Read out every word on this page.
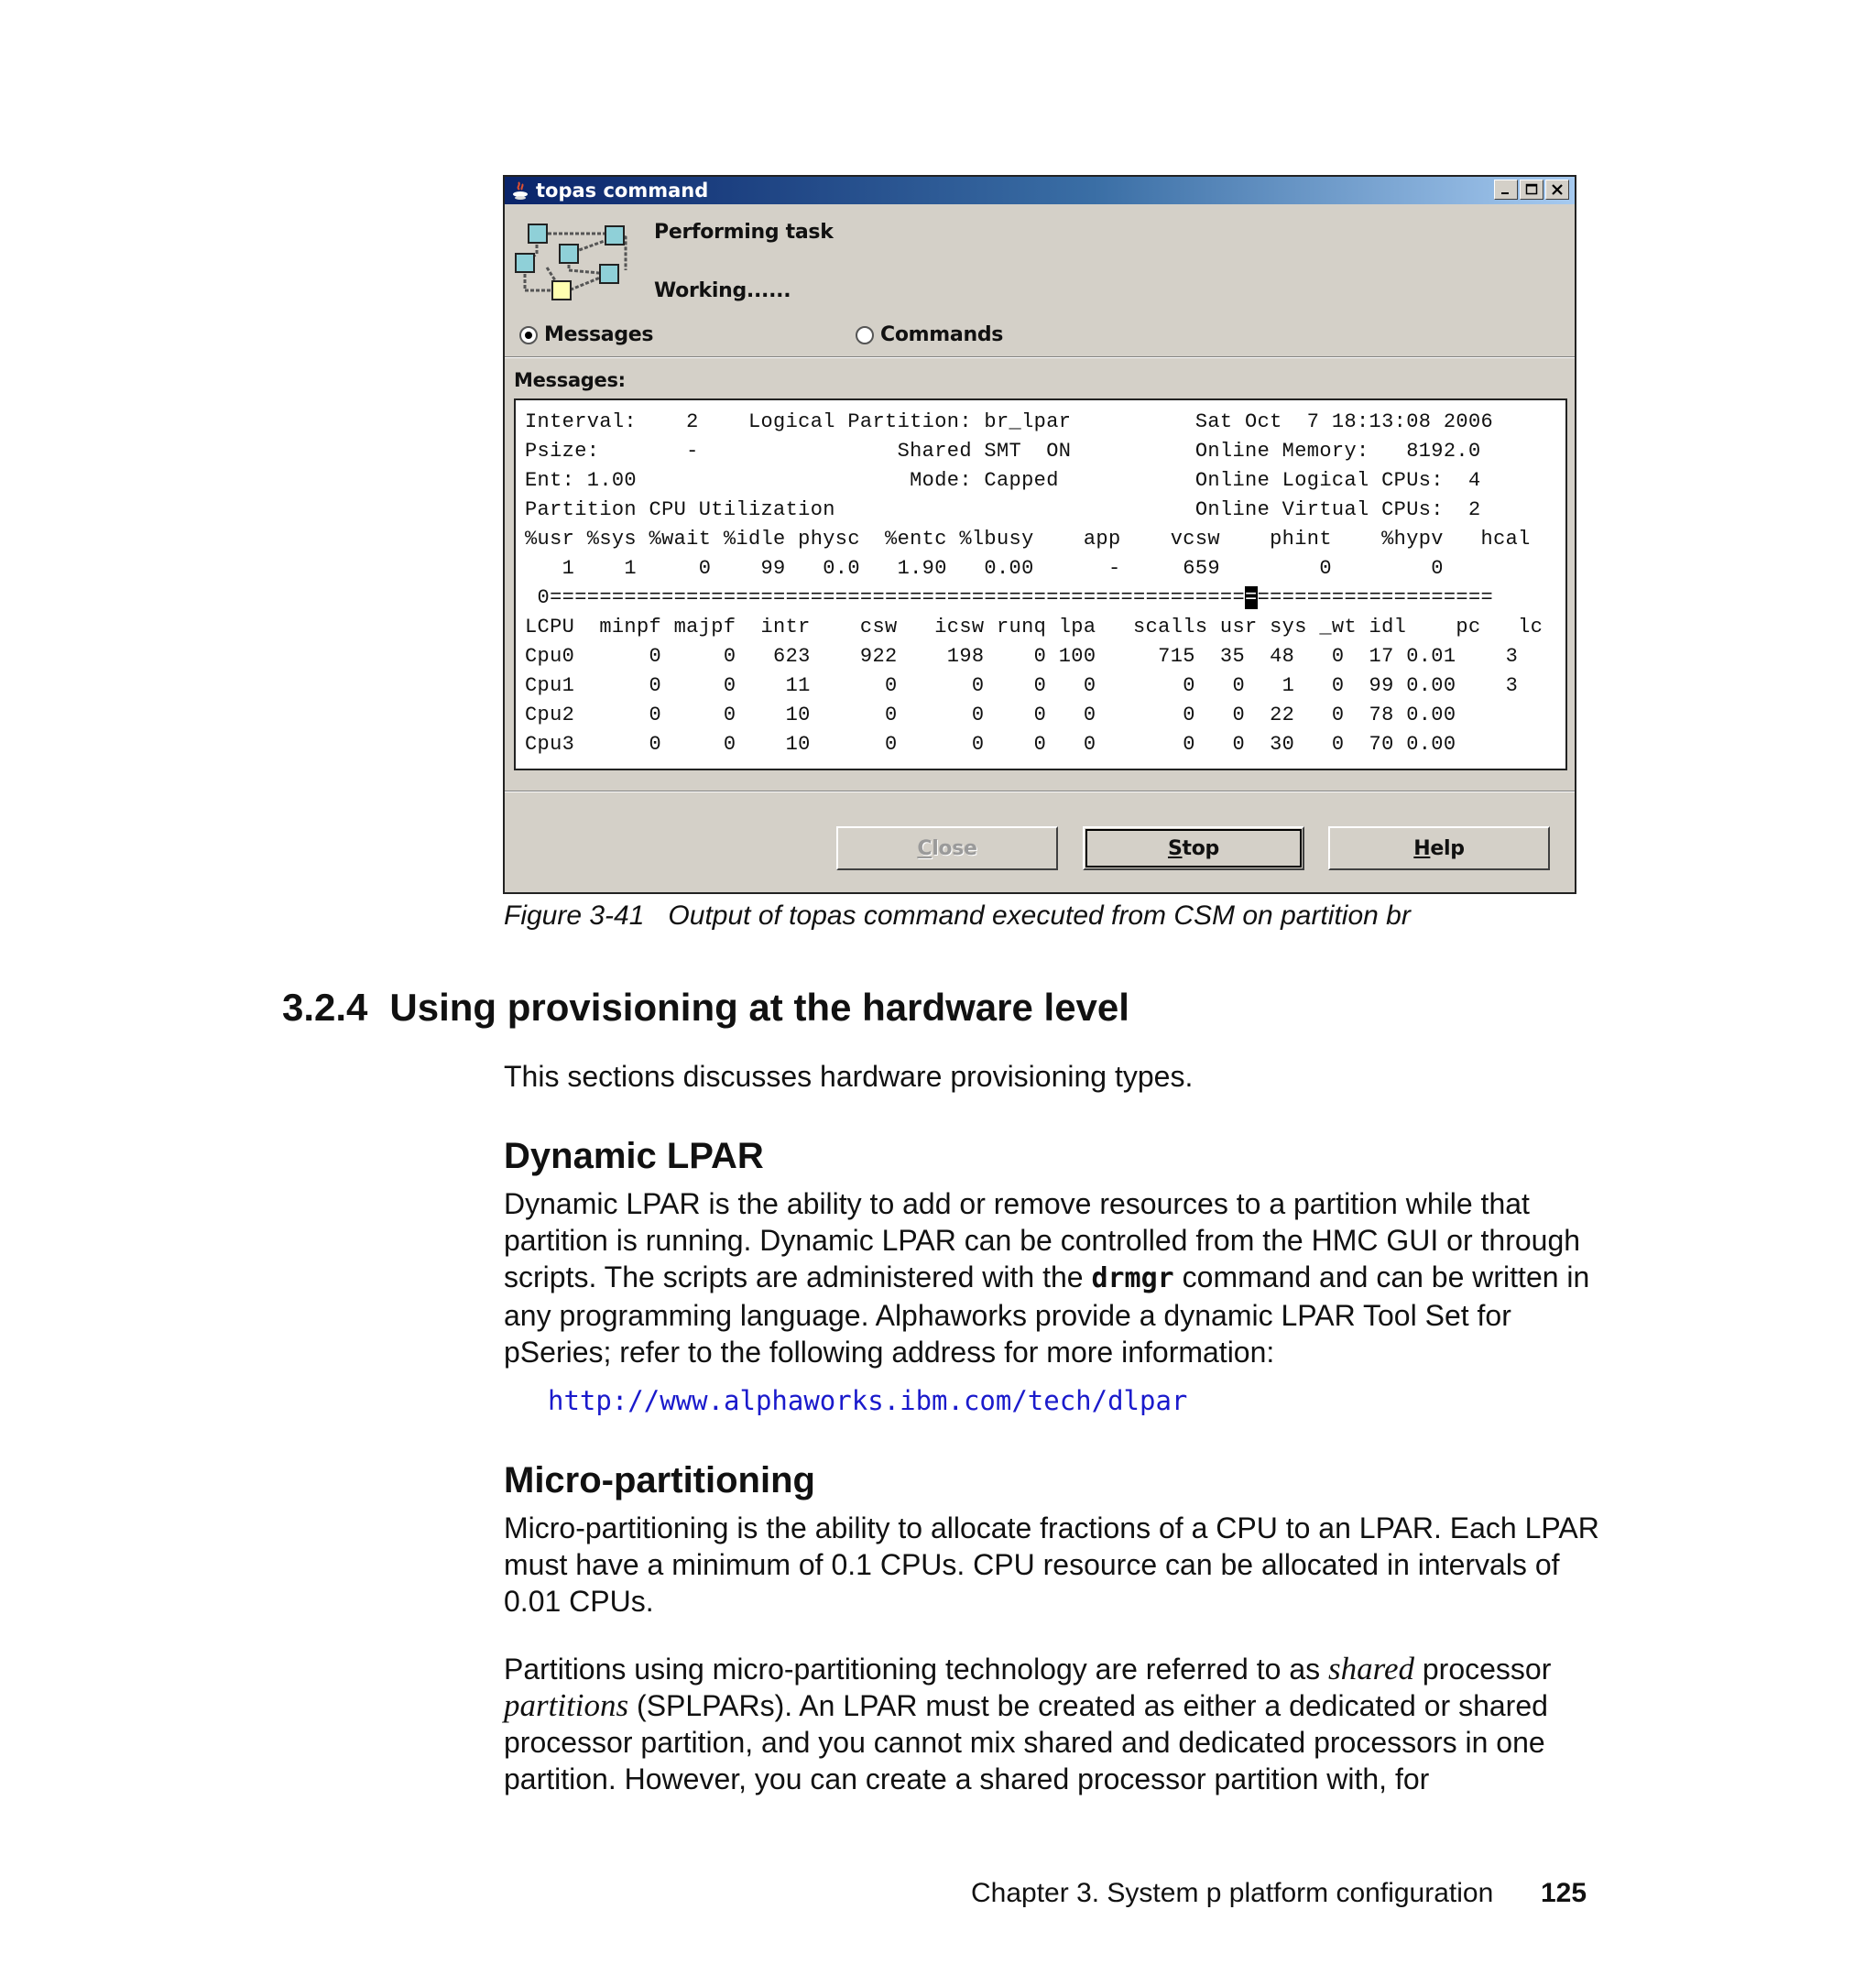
topas command
Performing task
Working......
Messages	Commands
Messages:
Interval:    2    Logical Partition: br_lpar          Sat Oct  7 18:13:08 2006
Psize:       -                Shared SMT  ON          Online Memory:   8192.0
Ent: 1.00                      Mode: Capped           Online Logical CPUs:  4
Partition CPU Utilization                             Online Virtual CPUs:  2
%usr %sys %wait %idle physc  %entc %lbusy    app    vcsw    phint    %hypv   hcal
1    1     0    99   0.0   1.90   0.00      -     659        0        0
0============================================================================
LCPU  minpf majpf  intr    csw   icsw runq lpa   scalls usr sys _wt idl    pc   lc
Cpu0      0     0   623    922    198    0 100     715  35  48   0  17 0.01    3
Cpu1      0     0    11      0      0    0   0       0   0   1   0  99 0.00    3
Cpu2      0     0    10      0      0    0   0       0   0  22   0  78 0.00
Cpu3      0     0    10      0      0    0   0       0   0  30   0  70 0.00
Close	Stop	Help
Figure 3-41 Output of topas command executed from CSM on partition br
3.2.4 Using provisioning at the hardware level
This sections discusses hardware provisioning types.
Dynamic LPAR
Dynamic LPAR is the ability to add or remove resources to a partition while that partition is running. Dynamic LPAR can be controlled from the HMC GUI or through scripts. The scripts are administered with the drmgr command and can be written in any programming language. Alphaworks provide a dynamic LPAR Tool Set for pSeries; refer to the following address for more information:
http://www.alphaworks.ibm.com/tech/dlpar
Micro-partitioning
Micro-partitioning is the ability to allocate fractions of a CPU to an LPAR. Each LPAR must have a minimum of 0.1 CPUs. CPU resource can be allocated in intervals of 0.01 CPUs.
Partitions using micro-partitioning technology are referred to as shared processor partitions (SPLPARs). An LPAR must be created as either a dedicated or shared processor partition, and you cannot mix shared and dedicated processors in one partition. However, you can create a shared processor partition with, for
Chapter 3. System p platform configuration 125
